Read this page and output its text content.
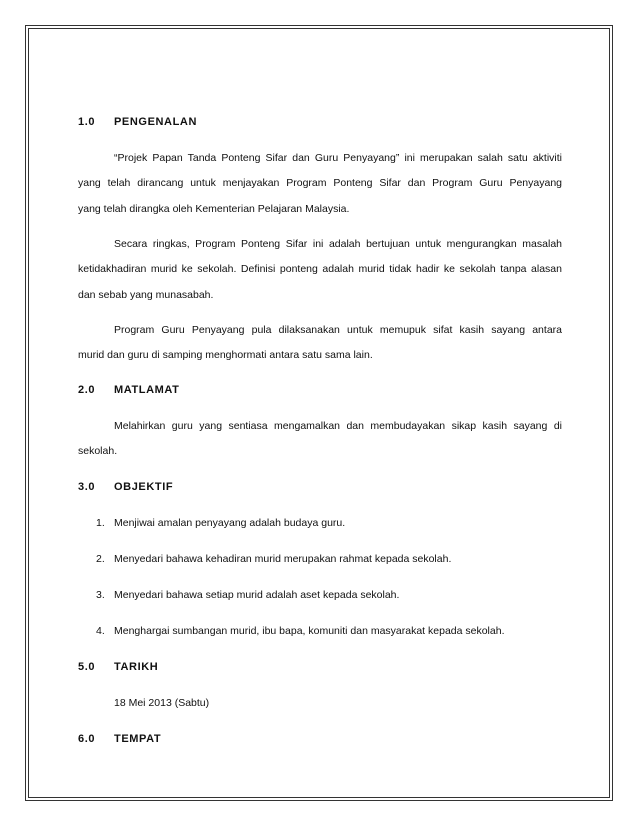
1.0 PENGENALAN
“Projek Papan Tanda Ponteng Sifar dan Guru Penyayang” ini merupakan salah satu aktiviti
yang telah dirancang untuk menjayakan Program Ponteng Sifar dan Program Guru Penyayang
yang telah dirangka oleh Kementerian Pelajaran Malaysia.
Secara ringkas, Program Ponteng Sifar ini adalah bertujuan untuk mengurangkan masalah
ketidakhadiran murid ke sekolah. Definisi ponteng adalah murid tidak hadir ke sekolah tanpa alasan
dan sebab yang munasabah.
Program Guru Penyayang pula dilaksanakan untuk memupuk sifat kasih sayang antara
murid dan guru di samping menghormati antara satu sama lain.
2.0 MATLAMAT
Melahirkan guru yang sentiasa mengamalkan dan membudayakan sikap kasih sayang di
sekolah.
3.0 OBJEKTIF
1. Menjiwai amalan penyayang adalah budaya guru.
2. Menyedari bahawa kehadiran murid merupakan rahmat kepada sekolah.
3. Menyedari bahawa setiap murid adalah aset kepada sekolah.
4. Menghargai sumbangan murid, ibu bapa, komuniti dan masyarakat kepada sekolah.
5.0 TARIKH
18 Mei 2013 (Sabtu)
6.0 TEMPAT
